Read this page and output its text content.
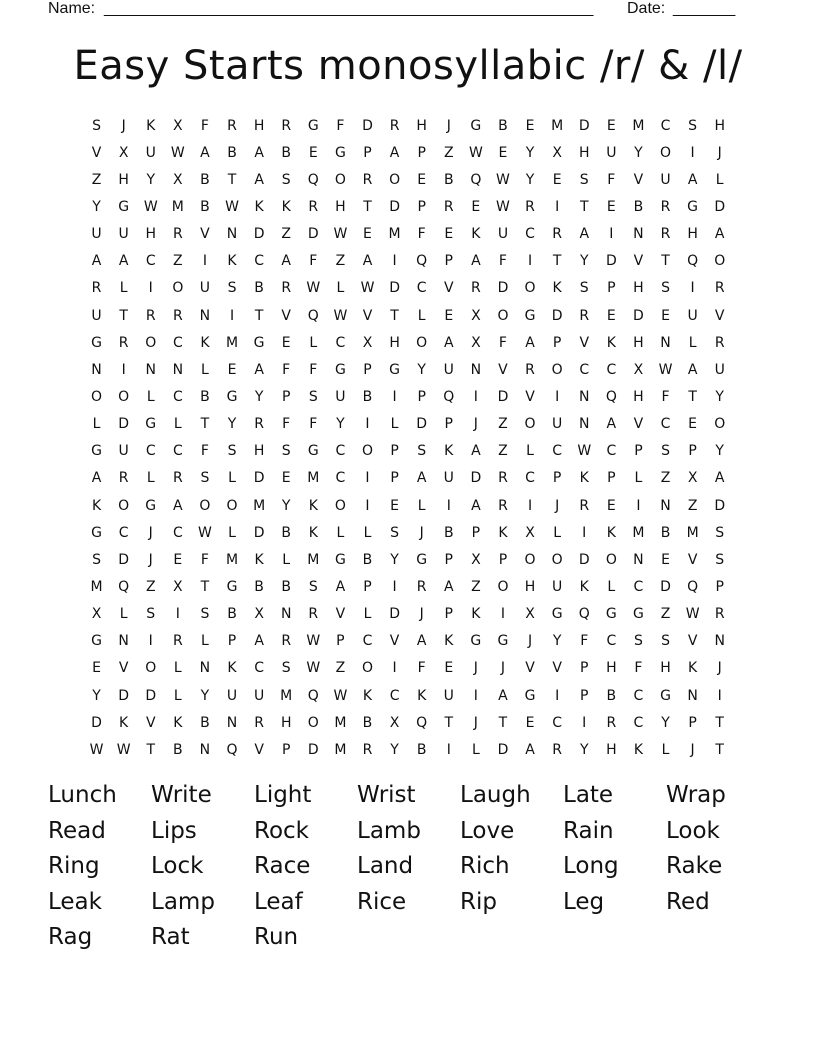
Name: _______________________________________________________ Date: _______
Easy Starts monosyllabic /r/ & /l/
S	J	K	X	F	R	H	R	G	F	D	R	H	J	G	B	E	M	D	E	M	C	S	H
V	X	U	W	A	B	A	B	E	G	P	A	P	Z	W	E	Y	X	H	U	Y	O	I	J
Z	H	Y	X	B	T	A	S	Q	O	R	O	E	B	Q	W	Y	E	S	F	V	U	A	L
Y	G	W	M	B	W	K	K	R	H	T	D	P	R	E	W	R	I	T	E	B	R	G	D
U	U	H	R	V	N	D	Z	D	W	E	M	F	E	K	U	C	R	A	I	N	R	H	A
A	A	C	Z	I	K	C	A	F	Z	A	I	Q	P	A	F	I	T	Y	D	V	T	Q	O
R	L	I	O	U	S	B	R	W	L	W	D	C	V	R	D	O	K	S	P	H	S	I	R
U	T	R	R	N	I	T	V	Q	W	V	T	L	E	X	O	G	D	R	E	D	E	U	V
G	R	O	C	K	M	G	E	L	C	X	H	O	A	X	F	A	P	V	K	H	N	L	R
N	I	N	N	L	E	A	F	F	G	P	G	Y	U	N	V	R	O	C	C	X	W	A	U
O	O	L	C	B	G	Y	P	S	U	B	I	P	Q	I	D	V	I	N	Q	H	F	T	Y
L	D	G	L	T	Y	R	F	F	Y	I	L	D	P	J	Z	O	U	N	A	V	C	E	O
G	U	C	C	F	S	H	S	G	C	O	P	S	K	A	Z	L	C	W	C	P	S	P	Y
A	R	L	R	S	L	D	E	M	C	I	P	A	U	D	R	C	P	K	P	L	Z	X	A
K	O	G	A	O	O	M	Y	K	O	I	E	L	I	A	R	I	J	R	E	I	N	Z	D
G	C	J	C	W	L	D	B	K	L	L	S	J	B	P	K	X	L	I	K	M	B	M	S
S	D	J	E	F	M	K	L	M	G	B	Y	G	P	X	P	O	O	D	O	N	E	V	S
M	Q	Z	X	T	G	B	B	S	A	P	I	R	A	Z	O	H	U	K	L	C	D	Q	P
X	L	S	I	S	B	X	N	R	V	L	D	J	P	K	I	X	G	Q	G	G	Z	W	R
G	N	I	R	L	P	A	R	W	P	C	V	A	K	G	G	J	Y	F	C	S	S	V	N
E	V	O	L	N	K	C	S	W	Z	O	I	F	E	J	J	V	V	P	H	F	H	K	J
Y	D	D	L	Y	U	U	M	Q	W	K	C	K	U	I	A	G	I	P	B	C	G	N	I
D	K	V	K	B	N	R	H	O	M	B	X	Q	T	J	T	E	C	I	R	C	Y	P	T
W W	T	B	N	Q	V	P	D	M	R	Y	B	I	L	D	A	R	Y	H	K	L	J	T
Lunch	Write	Light	Wrist	Laugh	Late	Wrap
Read	Lips	Rock	Lamb	Love	Rain	Look
Ring	Lock	Race	Land	Rich	Long	Rake
Leak	Lamp	Leaf	Rice	Rip	Leg	Red
Rag	Rat	Run
